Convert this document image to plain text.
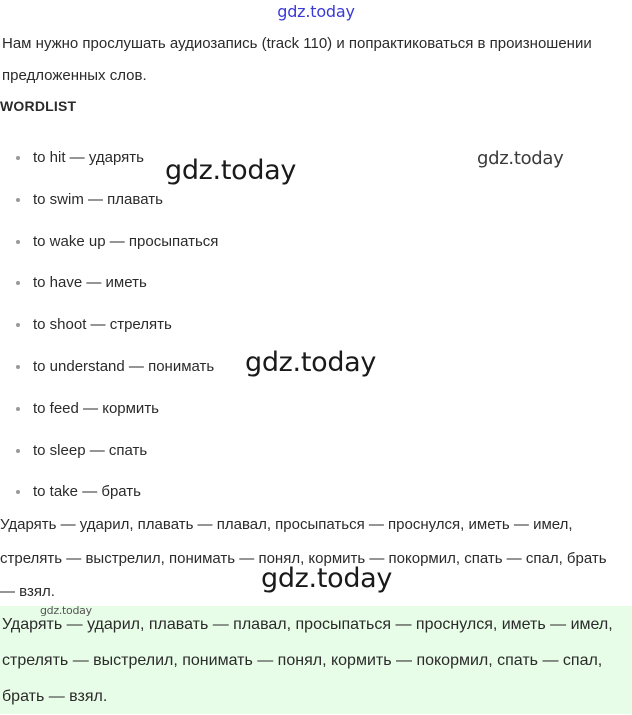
gdz.today

Нам нужно прослушать аудиозапись (track 110) и попрактиковаться в произношении предложенных слов.

WORDLIST
to hit — ударять
to swim — плавать
to wake up — просыпаться
to have — иметь
to shoot — стрелять
to understand — понимать
to feed — кормить
to sleep — спать
to take — брать

Ударять — ударил, плавать — плавал, просыпаться — проснулся, иметь — имел, стрелять — выстрелил, понимать — понял, кормить — покормил, спать — спал, брать — взял.

Ударять — ударил, плавать — плавал, просыпаться — проснулся, иметь — имел, стрелять — выстрелил, понимать — понял, кормить — покормил, спать — спал, брать — взял.

gdz.today	gdz.today
gdz.today
gdz.today
gdz.today
